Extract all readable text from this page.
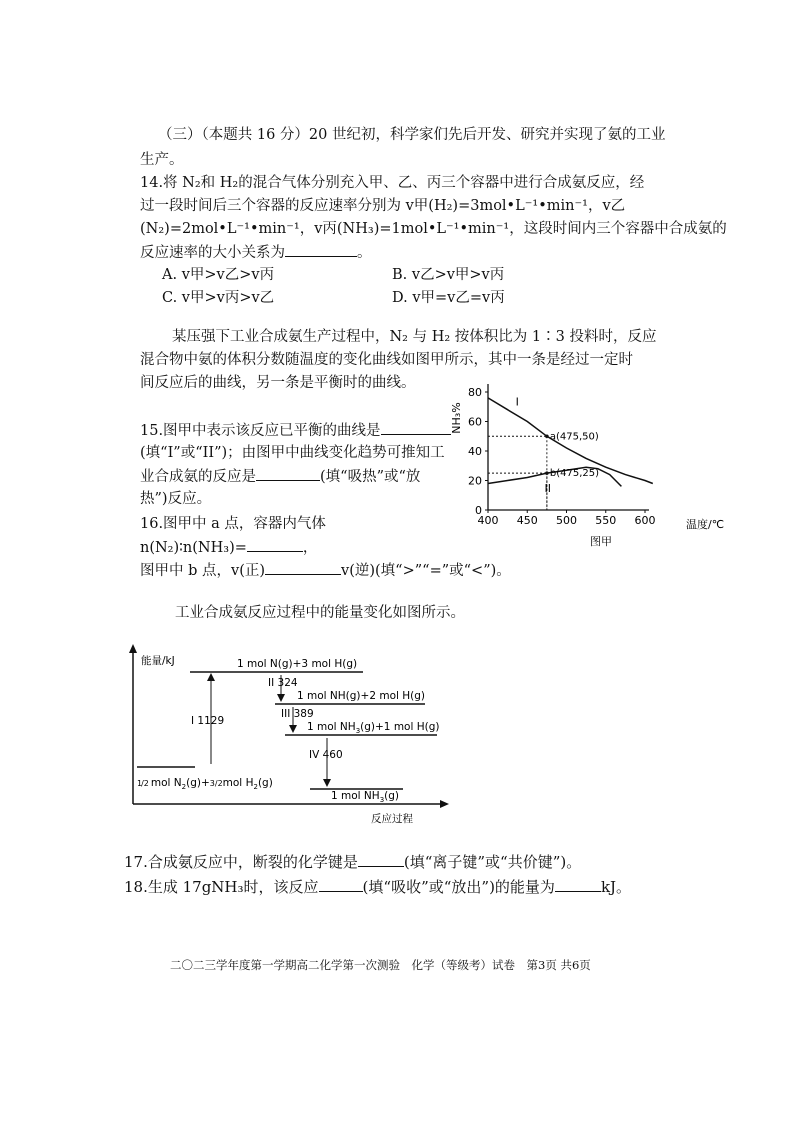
（三）（本题共 16 分）20 世纪初，科学家们先后开发、研究并实现了氨的工业
生产。
14.将 N₂和 H₂的混合气体分别充入甲、乙、丙三个容器中进行合成氨反应，经
过一段时间后三个容器的反应速率分别为 v甲(H₂)=3mol•L⁻¹•min⁻¹，v乙
(N₂)=2mol•L⁻¹•min⁻¹，v丙(NH₃)=1mol•L⁻¹•min⁻¹，这段时间内三个容器中合成氨的
反应速率的大小关系为	。
A. v甲>v乙>v丙	B. v乙>v甲>v丙
C. v甲>v丙>v乙	D. v甲=v乙=v丙
某压强下工业合成氨生产过程中，N₂ 与 H₂ 按体积比为 1∶3 投料时，反应
混合物中氨的体积分数随温度的变化曲线如图甲所示，其中一条是经过一定时
间反应后的曲线，另一条是平衡时的曲线。
15.图甲中表示该反应已平衡的曲线是
(填“I”或“II”)；由图甲中曲线变化趋势可推知工
业合成氨的反应是	(填“吸热”或“放
热”)反应。
16.图甲中 a 点，容器内气体
n(N₂)∶n(NH₃)=	，
图甲中 b 点，v(正)	v(逆)(填“>”“=”或“<”)。
400 450 500 550 600
0
20
40
60
80
I
II
a(475,50)
b(475,25)
NH₃%
温度/℃
图甲
工业合成氨反应过程中的能量变化如图所示。
能量/kJ
反应过程
1 mol N(g)+3 mol H(g)
1 mol NH(g)+2 mol H(g)
1 mol $NH_3(g)+1$ mol H(g)
1/2 mol $N_2(g)+3/2mol$ $H_2(g)$
1 mol $NH_3(g)$
I 1129
II 324
III 389
IV 460
17.合成氨反应中，断裂的化学键是	(填“离子键”或“共价键”)。
18.生成 17gNH₃时，该反应	(填“吸收”或“放出”)的能量为	kJ。
二〇二三学年度第一学期高二化学第一次测验　化学（等级考）试卷　第3页 共6页
